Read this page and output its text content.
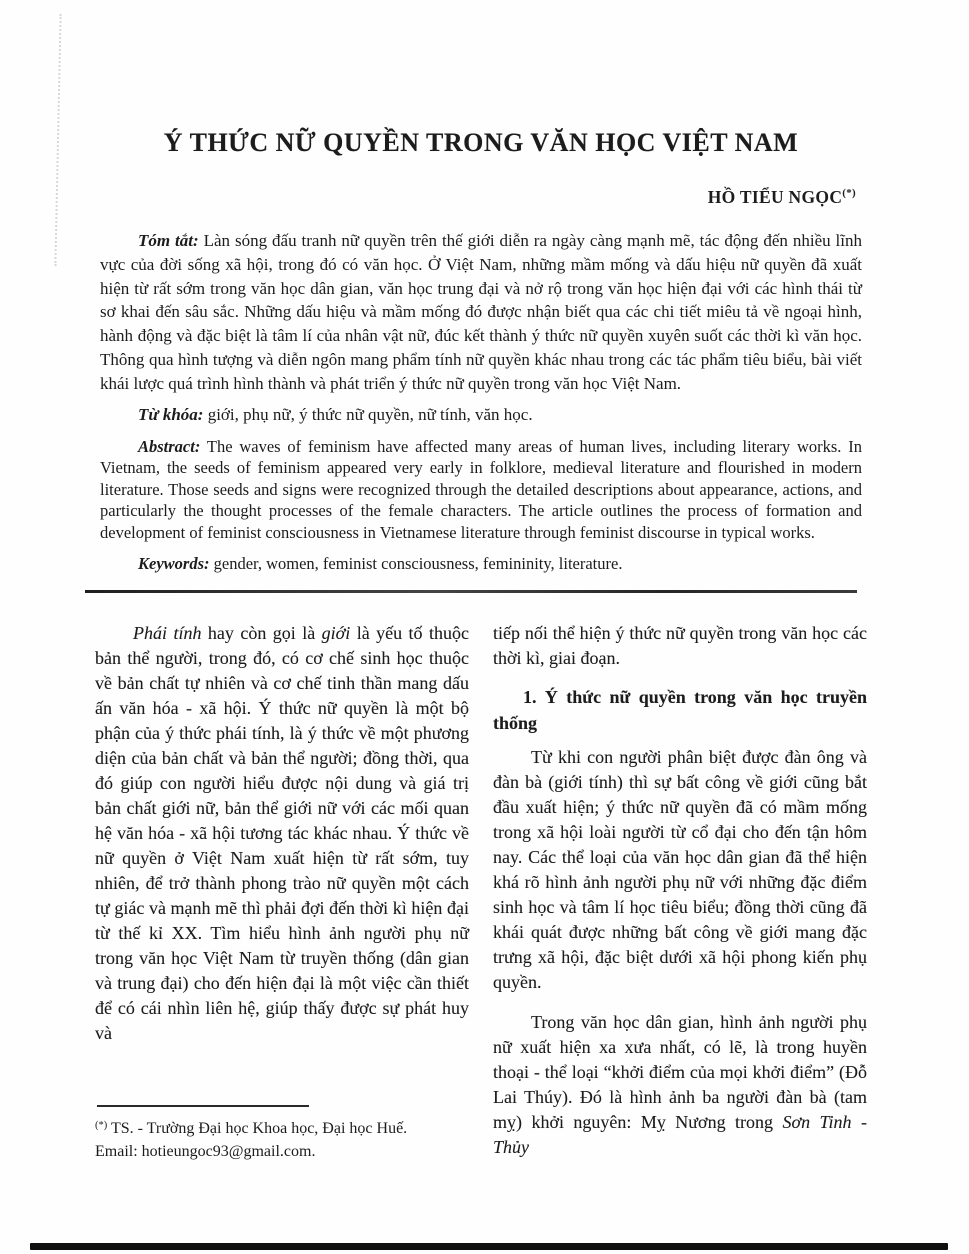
Ý THỨC NỮ QUYỀN TRONG VĂN HỌC VIỆT NAM
HỒ TIỂU NGỌC(*)

Tóm tắt: Làn sóng đấu tranh nữ quyền trên thế giới diễn ra ngày càng mạnh mẽ, tác động đến nhiều lĩnh vực của đời sống xã hội, trong đó có văn học. Ở Việt Nam, những mầm mống và dấu hiệu nữ quyền đã xuất hiện từ rất sớm trong văn học dân gian, văn học trung đại và nở rộ trong văn học hiện đại với các hình thái từ sơ khai đến sâu sắc. Những dấu hiệu và mầm mống đó được nhận biết qua các chi tiết miêu tả về ngoại hình, hành động và đặc biệt là tâm lí của nhân vật nữ, đúc kết thành ý thức nữ quyền xuyên suốt các thời kì văn học. Thông qua hình tượng và diễn ngôn mang phẩm tính nữ quyền khác nhau trong các tác phẩm tiêu biểu, bài viết khái lược quá trình hình thành và phát triển ý thức nữ quyền trong văn học Việt Nam.

Từ khóa: giới, phụ nữ, ý thức nữ quyền, nữ tính, văn học.

Abstract: The waves of feminism have affected many areas of human lives, including literary works. In Vietnam, the seeds of feminism appeared very early in folklore, medieval literature and flourished in modern literature. Those seeds and signs were recognized through the detailed descriptions about appearance, actions, and particularly the thought processes of the female characters. The article outlines the process of formation and development of feminist consciousness in Vietnamese literature through feminist discourse in typical works.

Keywords: gender, women, feminist consciousness, femininity, literature.

Phái tính hay còn gọi là giới là yếu tố thuộc bản thể người, trong đó, có cơ chế sinh học thuộc về bản chất tự nhiên và cơ chế tinh thần mang dấu ấn văn hóa - xã hội. Ý thức nữ quyền là một bộ phận của ý thức phái tính, là ý thức về một phương diện của bản chất và bản thể người; đồng thời, qua đó giúp con người hiểu được nội dung và giá trị bản chất giới nữ, bản thể giới nữ với các mối quan hệ văn hóa - xã hội tương tác khác nhau. Ý thức về nữ quyền ở Việt Nam xuất hiện từ rất sớm, tuy nhiên, để trở thành phong trào nữ quyền một cách tự giác và mạnh mẽ thì phải đợi đến thời kì hiện đại từ thế kỉ XX. Tìm hiểu hình ảnh người phụ nữ trong văn học Việt Nam từ truyền thống (dân gian và trung đại) cho đến hiện đại là một việc cần thiết để có cái nhìn liên hệ, giúp thấy được sự phát huy và

tiếp nối thể hiện ý thức nữ quyền trong văn học các thời kì, giai đoạn.

1. Ý thức nữ quyền trong văn học truyền thống

Từ khi con người phân biệt được đàn ông và đàn bà (giới tính) thì sự bất công về giới cũng bắt đầu xuất hiện; ý thức nữ quyền đã có mầm mống trong xã hội loài người từ cổ đại cho đến tận hôm nay. Các thể loại của văn học dân gian đã thể hiện khá rõ hình ảnh người phụ nữ với những đặc điểm sinh học và tâm lí học tiêu biểu; đồng thời cũng đã khái quát được những bất công về giới mang đặc trưng xã hội, đặc biệt dưới xã hội phong kiến phụ quyền.

Trong văn học dân gian, hình ảnh người phụ nữ xuất hiện xa xưa nhất, có lẽ, là trong huyền thoại - thể loại “khởi điểm của mọi khởi điểm” (Đỗ Lai Thúy). Đó là hình ảnh ba người đàn bà (tam mỵ) khởi nguyên: Mỵ Nương trong Sơn Tinh - Thủy

(*) TS. - Trường Đại học Khoa học, Đại học Huế.
Email: hotieungoc93@gmail.com.
